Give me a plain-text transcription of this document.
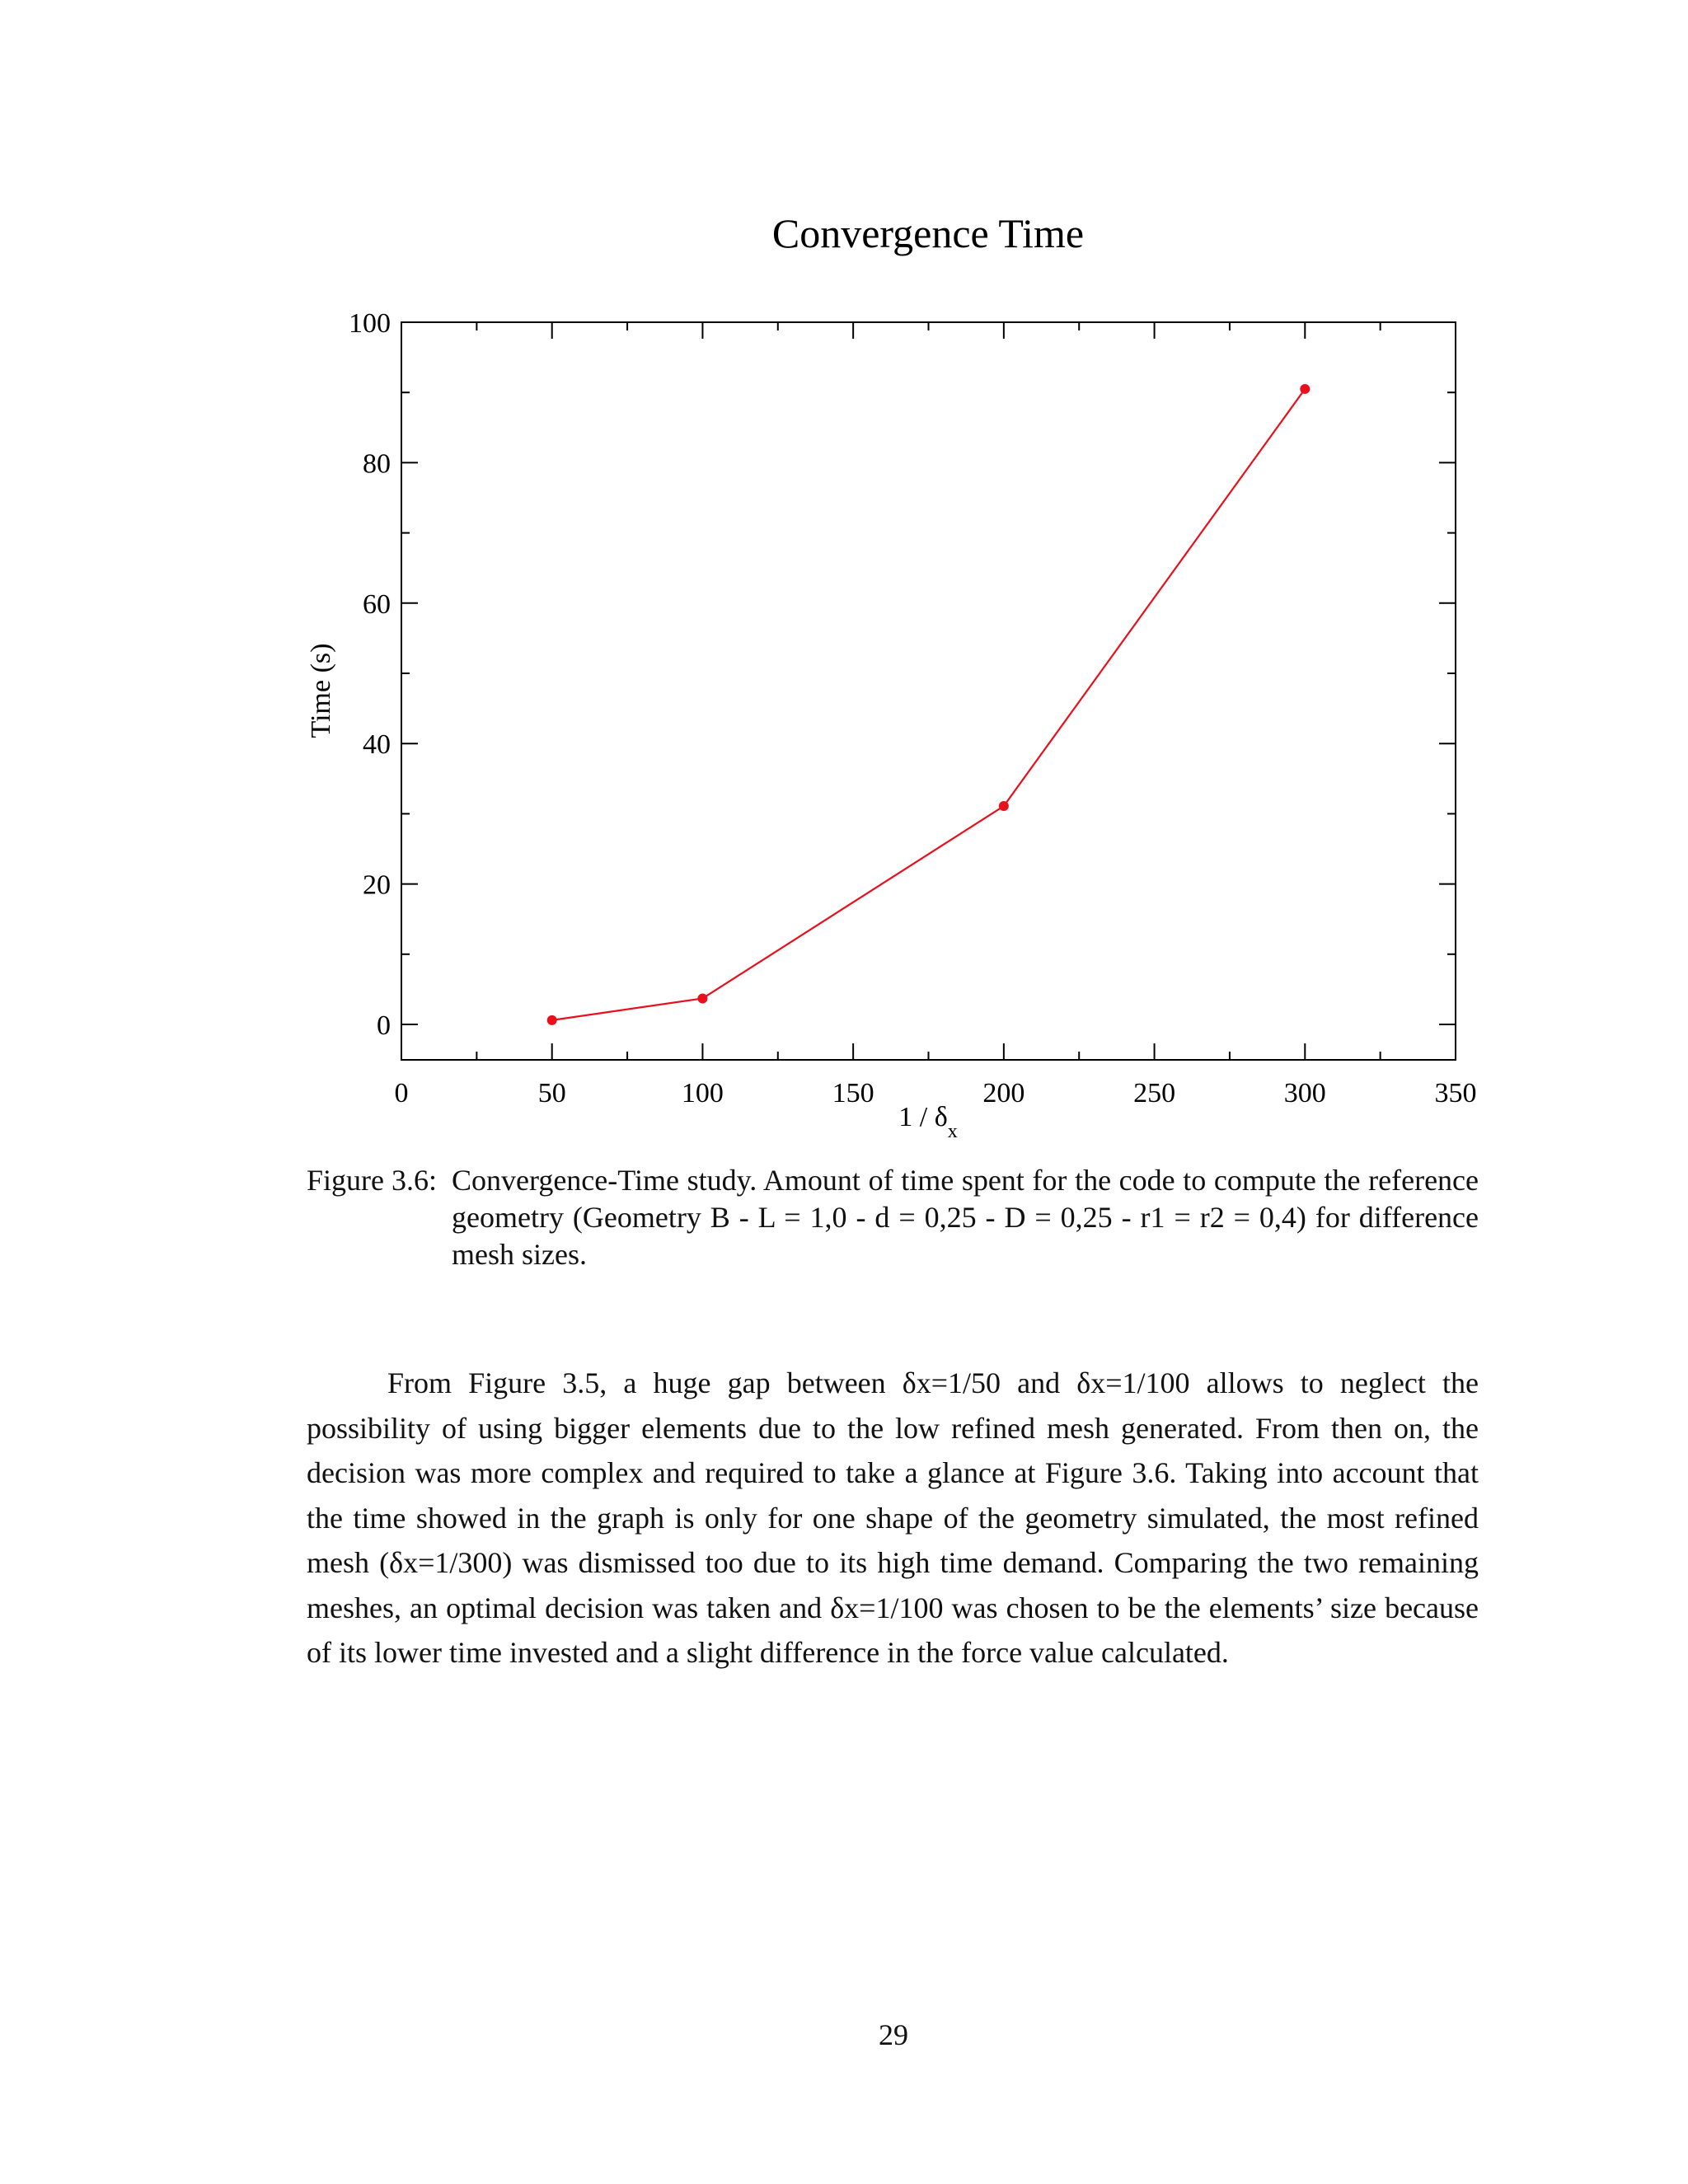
Convergence Time
0	50	100	150	200	250	300	350
0
20
40
60
80
100
$1 / \delta_x$
Time (s)
Figure 3.6: Convergence-Time study. Amount of time spent for the code to compute the reference geometry (Geometry B - L = 1,0 - d = 0,25 - D = 0,25 - r1 = r2 = 0,4) for difference mesh sizes.

From Figure 3.5, a huge gap between δx=1/50 and δx=1/100 allows to neglect the possibility of using bigger elements due to the low refined mesh generated. From then on, the decision was more complex and required to take a glance at Figure 3.6. Taking into account that the time showed in the graph is only for one shape of the geometry simulated, the most refined mesh (δx=1/300) was dismissed too due to its high time demand. Comparing the two remaining meshes, an optimal decision was taken and δx=1/100 was chosen to be the elements’ size because of its lower time invested and a slight difference in the force value calculated.

29
